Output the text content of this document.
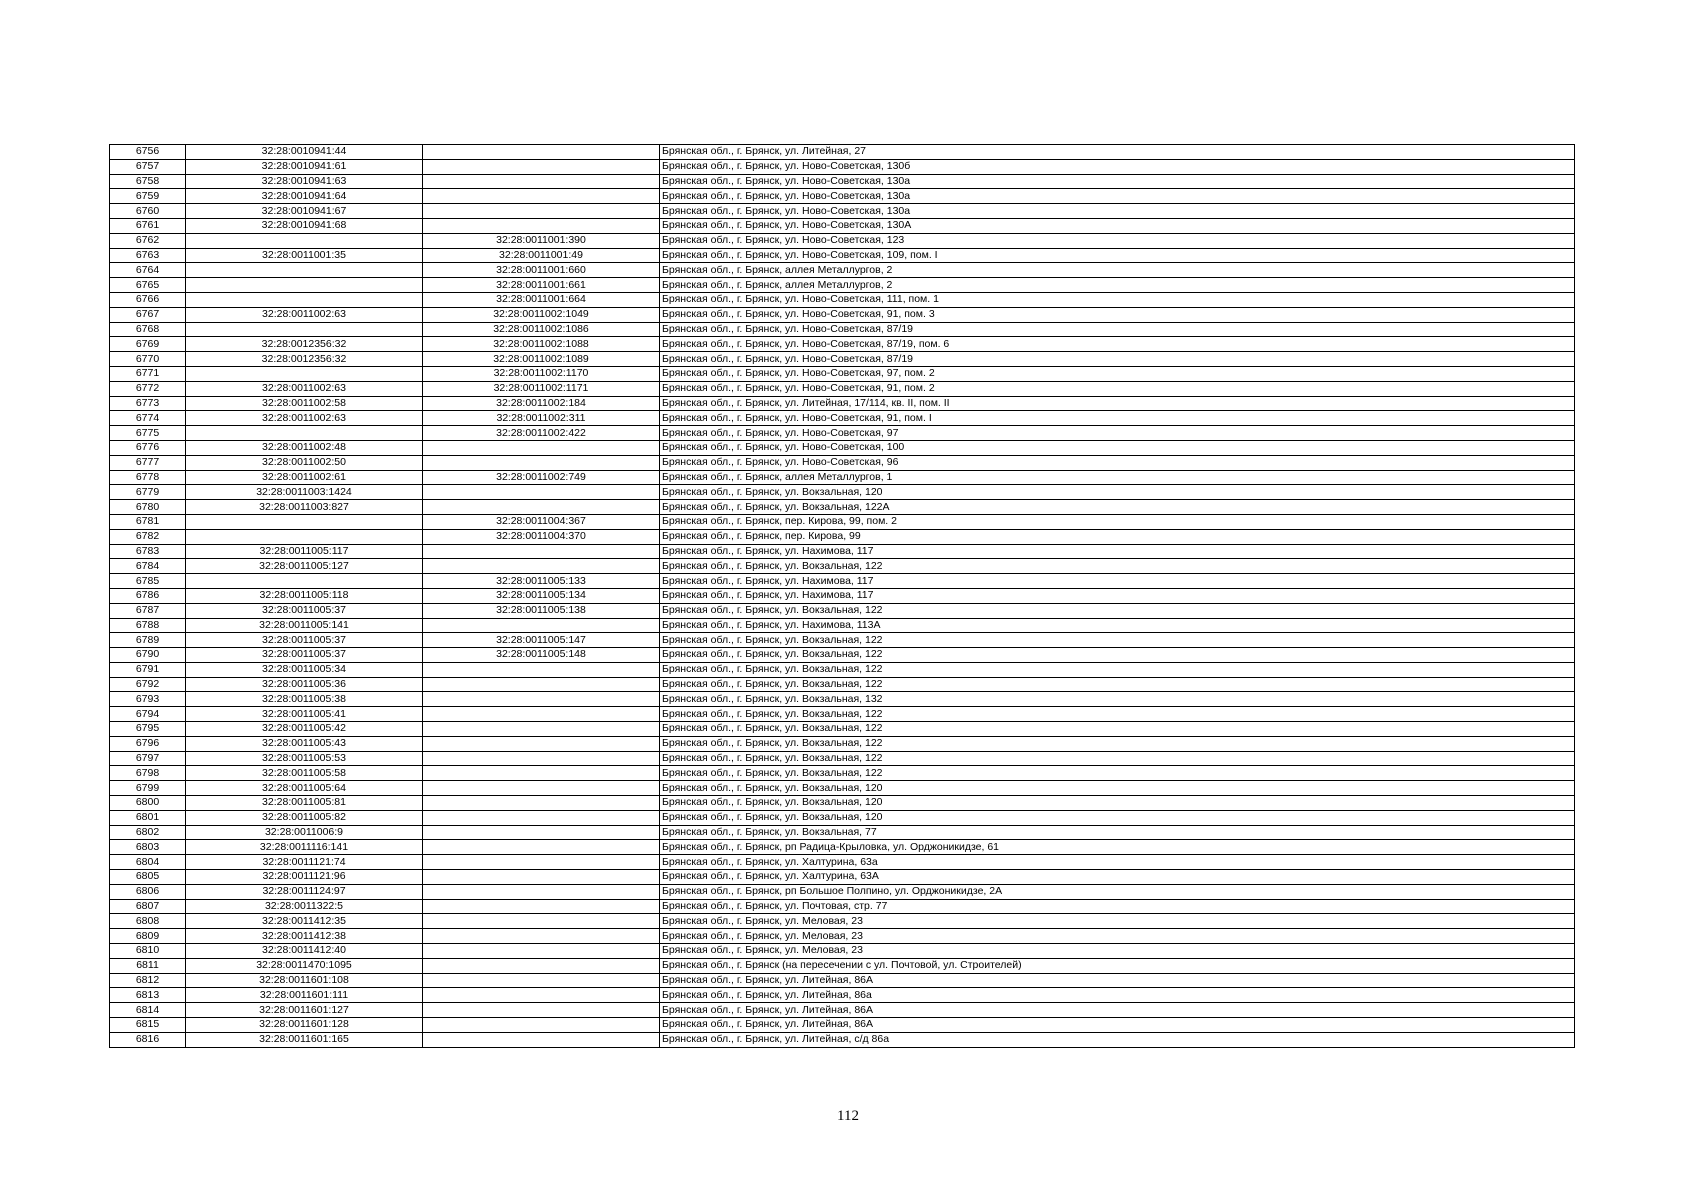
6756	32:28:0010941:44		Брянская обл., г. Брянск, ул. Литейная, 27
6757	32:28:0010941:61		Брянская обл., г. Брянск, ул. Ново-Советская, 130б
6758	32:28:0010941:63		Брянская обл., г. Брянск, ул. Ново-Советская, 130а
6759	32:28:0010941:64		Брянская обл., г. Брянск, ул. Ново-Советская, 130а
6760	32:28:0010941:67		Брянская обл., г. Брянск, ул. Ново-Советская, 130а
6761	32:28:0010941:68		Брянская обл., г. Брянск, ул. Ново-Советская, 130А
6762		32:28:0011001:390	Брянская обл., г. Брянск, ул. Ново-Советская, 123
6763	32:28:0011001:35	32:28:0011001:49	Брянская обл., г. Брянск, ул. Ново-Советская, 109, пом. I
6764		32:28:0011001:660	Брянская обл., г. Брянск, аллея Металлургов, 2
6765		32:28:0011001:661	Брянская обл., г. Брянск, аллея Металлургов, 2
6766		32:28:0011001:664	Брянская обл., г. Брянск, ул. Ново-Советская, 111, пом. 1
6767	32:28:0011002:63	32:28:0011002:1049	Брянская обл., г. Брянск, ул. Ново-Советская, 91, пом. 3
6768		32:28:0011002:1086	Брянская обл., г. Брянск, ул. Ново-Советская, 87/19
6769	32:28:0012356:32	32:28:0011002:1088	Брянская обл., г. Брянск, ул. Ново-Советская, 87/19, пом. 6
6770	32:28:0012356:32	32:28:0011002:1089	Брянская обл., г. Брянск, ул. Ново-Советская, 87/19
6771		32:28:0011002:1170	Брянская обл., г. Брянск, ул. Ново-Советская, 97, пом. 2
6772	32:28:0011002:63	32:28:0011002:1171	Брянская обл., г. Брянск, ул. Ново-Советская, 91, пом. 2
6773	32:28:0011002:58	32:28:0011002:184	Брянская обл., г. Брянск, ул. Литейная, 17/114, кв. II, пом. II
6774	32:28:0011002:63	32:28:0011002:311	Брянская обл., г. Брянск, ул. Ново-Советская, 91, пом. I
6775		32:28:0011002:422	Брянская обл., г. Брянск, ул. Ново-Советская, 97
6776	32:28:0011002:48		Брянская обл., г. Брянск, ул. Ново-Советская, 100
6777	32:28:0011002:50		Брянская обл., г. Брянск, ул. Ново-Советская, 96
6778	32:28:0011002:61	32:28:0011002:749	Брянская обл., г. Брянск, аллея Металлургов, 1
6779	32:28:0011003:1424		Брянская обл., г. Брянск, ул. Вокзальная, 120
6780	32:28:0011003:827		Брянская обл., г. Брянск, ул. Вокзальная, 122А
6781		32:28:0011004:367	Брянская обл., г. Брянск, пер. Кирова, 99, пом. 2
6782		32:28:0011004:370	Брянская обл., г. Брянск, пер. Кирова, 99
6783	32:28:0011005:117		Брянская обл., г. Брянск, ул. Нахимова, 117
6784	32:28:0011005:127		Брянская обл., г. Брянск, ул. Вокзальная, 122
6785		32:28:0011005:133	Брянская обл., г. Брянск, ул. Нахимова, 117
6786	32:28:0011005:118	32:28:0011005:134	Брянская обл., г. Брянск, ул. Нахимова, 117
6787	32:28:0011005:37	32:28:0011005:138	Брянская обл., г. Брянск, ул. Вокзальная, 122
6788	32:28:0011005:141		Брянская обл., г. Брянск, ул. Нахимова, 113А
6789	32:28:0011005:37	32:28:0011005:147	Брянская обл., г. Брянск, ул. Вокзальная, 122
6790	32:28:0011005:37	32:28:0011005:148	Брянская обл., г. Брянск, ул. Вокзальная, 122
6791	32:28:0011005:34		Брянская обл., г. Брянск, ул. Вокзальная, 122
6792	32:28:0011005:36		Брянская обл., г. Брянск, ул. Вокзальная, 122
6793	32:28:0011005:38		Брянская обл., г. Брянск, ул. Вокзальная, 132
6794	32:28:0011005:41		Брянская обл., г. Брянск, ул. Вокзальная, 122
6795	32:28:0011005:42		Брянская обл., г. Брянск, ул. Вокзальная, 122
6796	32:28:0011005:43		Брянская обл., г. Брянск, ул. Вокзальная, 122
6797	32:28:0011005:53		Брянская обл., г. Брянск, ул. Вокзальная, 122
6798	32:28:0011005:58		Брянская обл., г. Брянск, ул. Вокзальная, 122
6799	32:28:0011005:64		Брянская обл., г. Брянск, ул. Вокзальная, 120
6800	32:28:0011005:81		Брянская обл., г. Брянск, ул. Вокзальная, 120
6801	32:28:0011005:82		Брянская обл., г. Брянск, ул. Вокзальная, 120
6802	32:28:0011006:9		Брянская обл., г. Брянск, ул. Вокзальная, 77
6803	32:28:0011116:141		Брянская обл., г. Брянск, рп Радица-Крыловка, ул. Орджоникидзе, 61
6804	32:28:0011121:74		Брянская обл., г. Брянск, ул. Халтурина, 63а
6805	32:28:0011121:96		Брянская обл., г. Брянск, ул. Халтурина, 63А
6806	32:28:0011124:97		Брянская обл., г. Брянск, рп Большое Полпино, ул. Орджоникидзе, 2А
6807	32:28:0011322:5		Брянская обл., г. Брянск, ул. Почтовая, стр. 77
6808	32:28:0011412:35		Брянская обл., г. Брянск, ул. Меловая, 23
6809	32:28:0011412:38		Брянская обл., г. Брянск, ул. Меловая, 23
6810	32:28:0011412:40		Брянская обл., г. Брянск, ул. Меловая, 23
6811	32:28:0011470:1095		Брянская обл., г. Брянск (на пересечении с ул. Почтовой, ул. Строителей)
6812	32:28:0011601:108		Брянская обл., г. Брянск, ул. Литейная, 86А
6813	32:28:0011601:111		Брянская обл., г. Брянск, ул. Литейная, 86а
6814	32:28:0011601:127		Брянская обл., г. Брянск, ул. Литейная, 86А
6815	32:28:0011601:128		Брянская обл., г. Брянск, ул. Литейная, 86А
6816	32:28:0011601:165		Брянская обл., г. Брянск, ул. Литейная, с/д 86а
112
